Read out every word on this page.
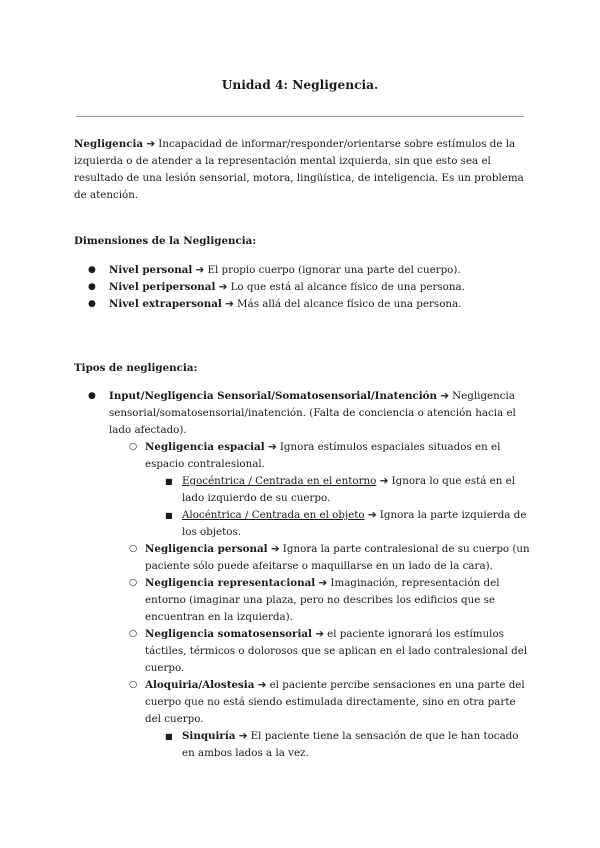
Unidad 4: Negligencia.

Negligencia ➔ Incapacidad de informar/responder/orientarse sobre estímulos de la izquierda o de atender a la representación mental izquierda, sin que esto sea el resultado de una lesión sensorial, motora, lingüística, de inteligencia. Es un problema de atención.

Dimensiones de la Negligencia:
● Nivel personal ➔ El propio cuerpo (ignorar una parte del cuerpo).
● Nivel peripersonal ➔ Lo que está al alcance físico de una persona.
● Nivel extrapersonal ➔ Más allá del alcance físico de una persona.
Tipos de negligencia:
● Input/Negligencia Sensorial/Somatosensorial/Inatención ➔ Negligencia sensorial/somatosensorial/inatención. (Falta de conciencia o atención hacia el lado afectado).
○ Negligencia espacial ➔ Ignora estímulos espaciales situados en el espacio contralesional.
■ Egocéntrica / Centrada en el entorno ➔ Ignora lo que está en el lado izquierdo de su cuerpo.
■ Alocéntrica / Centrada en el objeto ➔ Ignora la parte izquierda de los objetos.
○ Negligencia personal ➔ Ignora la parte contralesional de su cuerpo (un paciente sólo puede afeitarse o maquillarse en un lado de la cara).
○ Negligencia representacional ➔ Imaginación, representación del entorno (imaginar una plaza, pero no describes los edificios que se encuentran en la izquierda).
○ Negligencia somatosensorial ➔ el paciente ignorará los estímulos táctiles, térmicos o dolorosos que se aplican en el lado contralesional del cuerpo.
○ Aloquiria/Alostesia ➔ el paciente percibe sensaciones en una parte del cuerpo que no está siendo estimulada directamente, sino en otra parte del cuerpo.
■ Sinquiría ➔ El paciente tiene la sensación de que le han tocado en ambos lados a la vez.
